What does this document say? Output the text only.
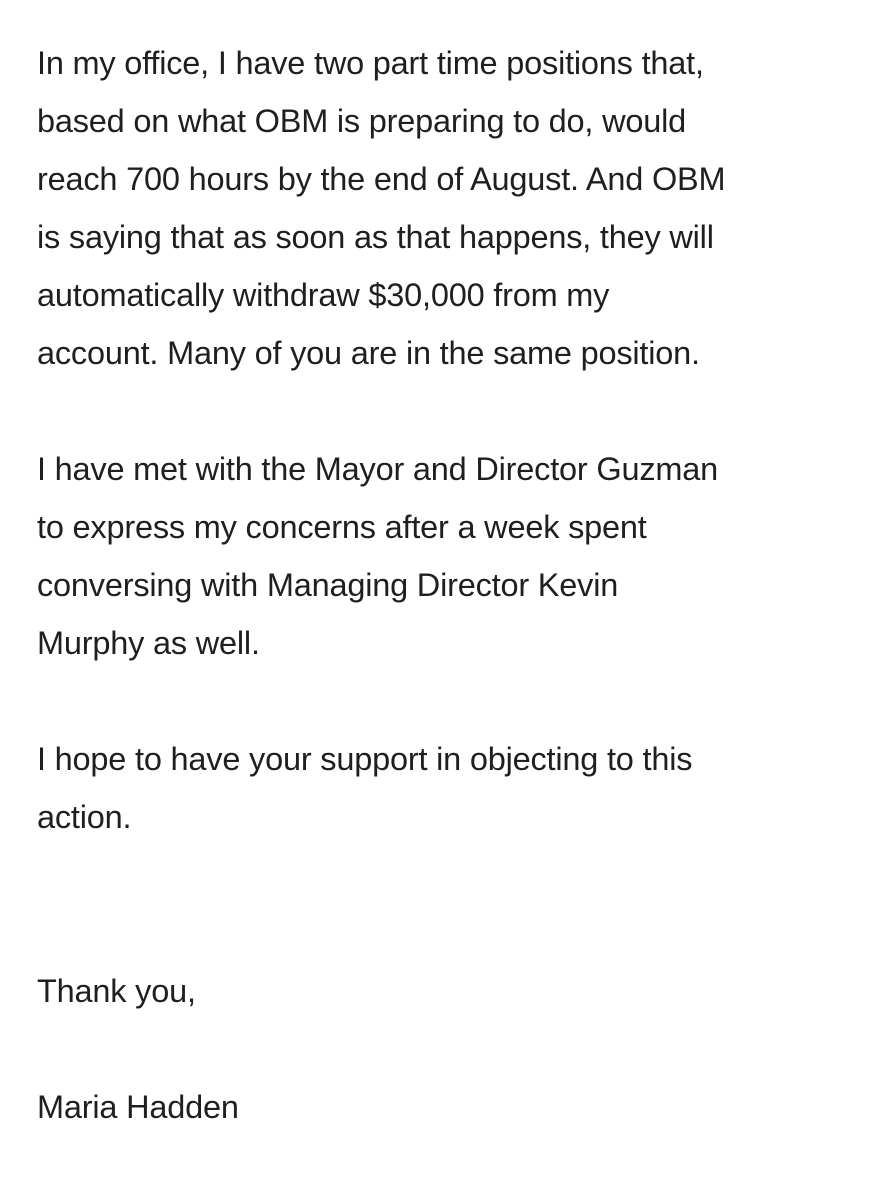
In my office, I have two part time positions that,
based on what OBM is preparing to do, would
reach 700 hours by the end of August. And OBM
is saying that as soon as that happens, they will
automatically withdraw $30,000 from my
account. Many of you are in the same position.
I have met with the Mayor and Director Guzman
to express my concerns after a week spent
conversing with Managing Director Kevin
Murphy as well.
I hope to have your support in objecting to this
action.
Thank you,
Maria Hadden
